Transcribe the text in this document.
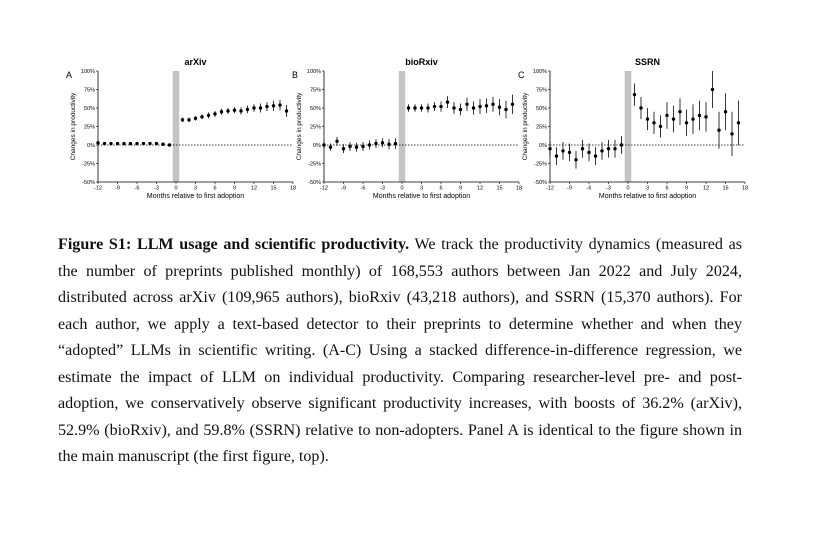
arXiv
A
-50%
-25%
0%
25%
50%
75%
100%
-12 -9	-6	-3	0	3	6	9	12 15 18
Months relative to first adoption
Changes in productivity
bioRxiv
B
-50%
-25%
0%
25%
50%
75%
100%
-12 -9	-6	-3	0	3	6	9	12 15 18
Months relative to first adoption
Changes in productivity
SSRN
C
-50%
-25%
0%
25%
50%
75%
100%
-12 -9	-6	-3	0	3	6	9	12 15 18
Months relative to first adoption
Changes in productivity
Figure S1: LLM usage and scientific productivity. We track the productivity dynamics (measured as the number of preprints published monthly) of 168,553 authors between Jan 2022 and July 2024, distributed across arXiv (109,965 authors), bioRxiv (43,218 authors), and SSRN (15,370 authors). For each author, we apply a text-based detector to their preprints to determine whether and when they “adopted” LLMs in scientific writing. (A-C) Using a stacked difference-in-difference regression, we estimate the impact of LLM on individual productivity. Comparing researcher-level pre- and post-adoption, we conservatively observe significant productivity increases, with boosts of 36.2% (arXiv), 52.9% (bioRxiv), and 59.8% (SSRN) relative to non-adopters. Panel A is identical to the figure shown in the main manuscript (the first figure, top).
